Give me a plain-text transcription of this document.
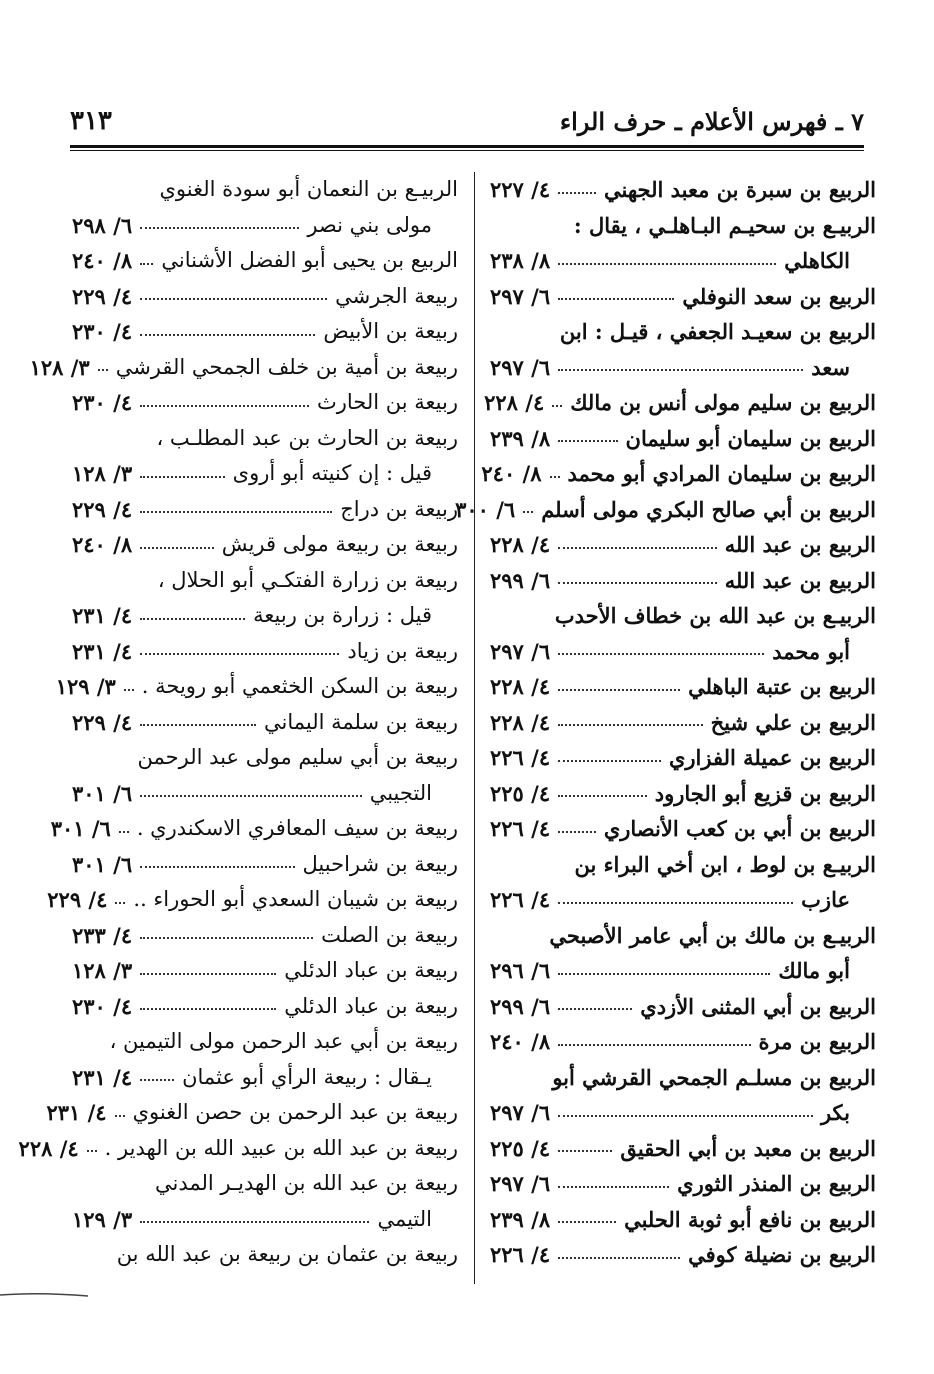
٧ ـ فهرس الأعلام ـ حرف الراء
٣١٣
الربيع بن سبرة بن معبد الجهني
٤/ ٢٢٧
الربيـع بن سحيـم البـاهلـي ، يقال :
الكاهلي
٨/ ٢٣٨
الربيع بن سعد النوفلي
٦/ ٢٩٧
الربيع بن سعيـد الجعفي ، قيـل : ابن
سعد
٦/ ٢٩٧
الربيع بن سليم مولى أنس بن مالك
٤/ ٢٢٨
الربيع بن سليمان أبو سليمان
٨/ ٢٣٩
الربيع بن سليمان المرادي أبو محمد
٨/ ٢٤٠
الربيع بن أبي صالح البكري مولى أسلم
٦/ ٣٠٠
الربيع بن عبد الله
٤/ ٢٢٨
الربيع بن عبد الله
٦/ ٢٩٩
الربيـع بن عبد الله بن خطاف الأحدب
أبو محمد
٦/ ٢٩٧
الربيع بن عتبة الباهلي
٤/ ٢٢٨
الربيع بن علي شيخ
٤/ ٢٢٨
الربيع بن عميلة الفزاري
٤/ ٢٢٦
الربيع بن قزيع أبو الجارود
٤/ ٢٢٥
الربيع بن أبي بن كعب الأنصاري
٤/ ٢٢٦
الربيـع بن لوط ، ابن أخي البراء بن
عازب
٤/ ٢٢٦
الربيـع بن مالك بن أبي عامر الأصبحي
أبو مالك
٦/ ٢٩٦
الربيع بن أبي المثنى الأزدي
٦/ ٢٩٩
الربيع بن مرة
٨/ ٢٤٠
الربيع بن مسلـم الجمحي القرشي أبو
بكر
٦/ ٢٩٧
الربيع بن معبد بن أبي الحقيق
٤/ ٢٢٥
الربيع بن المنذر الثوري
٦/ ٢٩٧
الربيع بن نافع أبو ثوبة الحلبي
٨/ ٢٣٩
الربيع بن نضيلة كوفي
٤/ ٢٢٦
الربيـع بن النعمان أبو سودة الغنوي
مولى بني نصر
٦/ ٢٩٨
الربيع بن يحيى أبو الفضل الأشناني
٨/ ٢٤٠
ربيعة الجرشي
٤/ ٢٢٩
ربيعة بن الأبيض
٤/ ٢٣٠
ربيعة بن أمية بن خلف الجمحي القرشي
٣/ ١٢٨
ربيعة بن الحارث
٤/ ٢٣٠
ربيعة بن الحارث بن عبد المطلـب ،
قيل : إن كنيته أبو أروى
٣/ ١٢٨
ربيعة بن دراج
٤/ ٢٢٩
ربيعة بن ربيعة مولى قريش
٨/ ٢٤٠
ربيعة بن زرارة الفتكـي أبو الحلال ،
قيل : زرارة بن ربيعة
٤/ ٢٣١
ربيعة بن زياد
٤/ ٢٣١
ربيعة بن السكن الخثعمي أبو رويحة .
٣/ ١٢٩
ربيعة بن سلمة اليماني
٤/ ٢٢٩
ربيعة بن أبي سليم مولى عبد الرحمن
التجيبي
٦/ ٣٠١
ربيعة بن سيف المعافري الاسكندري .
٦/ ٣٠١
ربيعة بن شراحبيل
٦/ ٣٠١
ربيعة بن شيبان السعدي أبو الحوراء ..
٤/ ٢٢٩
ربيعة بن الصلت
٤/ ٢٣٣
ربيعة بن عباد الدئلي
٣/ ١٢٨
ربيعة بن عباد الدئلي
٤/ ٢٣٠
ربيعة بن أبي عبد الرحمن مولى التيمين ،
يـقال : ربيعة الرأي أبو عثمان
٤/ ٢٣١
ربيعة بن عبد الرحمن بن حصن الغنوي
٤/ ٢٣١
ربيعة بن عبد الله بن عبيد الله بن الهدير .
٤/ ٢٢٨
ربيعة بن عبد الله بن الهديـر المدني
التيمي
٣/ ١٢٩
ربيعة بن عثمان بن ربيعة بن عبد الله بن
